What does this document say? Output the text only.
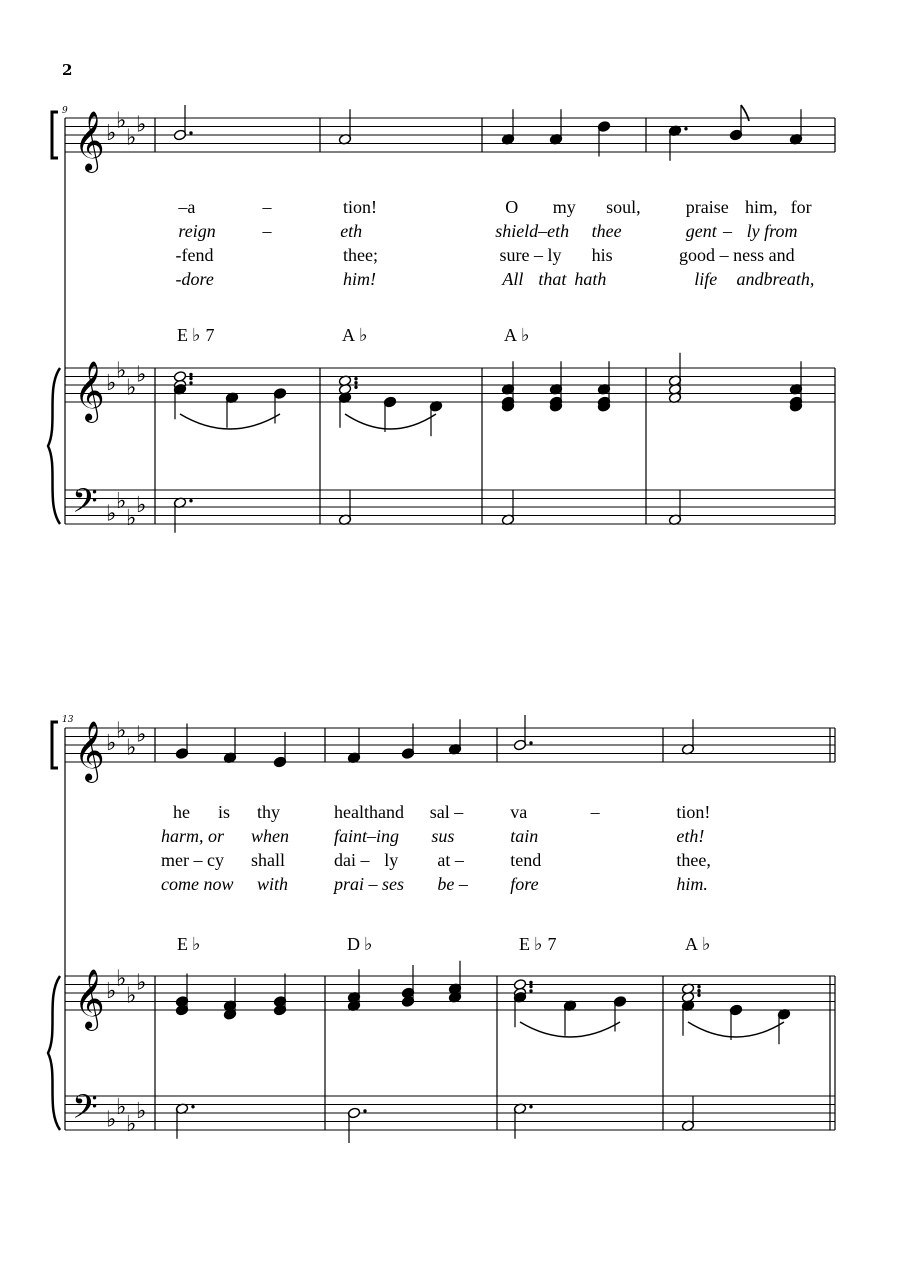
2
9 𝄞 ♭
♭
♭
♭
𝄞 ♭
♭
♭
♭
𝄢 ♭
♭
♭
♭
E ♭ 7	A ♭	A ♭
–a	–	tion!	O my soul,	praise him, for
reign	–	eth	shield–eth thee	gent – ly from
-fend	thee;	sure – ly his	good – ness and
-dore	him!	All that hath	life andbreath,
13
𝄞 ♭
♭
♭
♭
𝄞 ♭
♭
♭
♭
𝄢 ♭
♭
♭
♭
E ♭	D ♭	E ♭ 7	A ♭
he is thy	healthand sal –	va	–	tion!
harm, or when	faint–ing sus	tain	eth!
mer – cy shall	dai – ly at –	tend	thee,
come now with	prai – ses be – fore	him.
